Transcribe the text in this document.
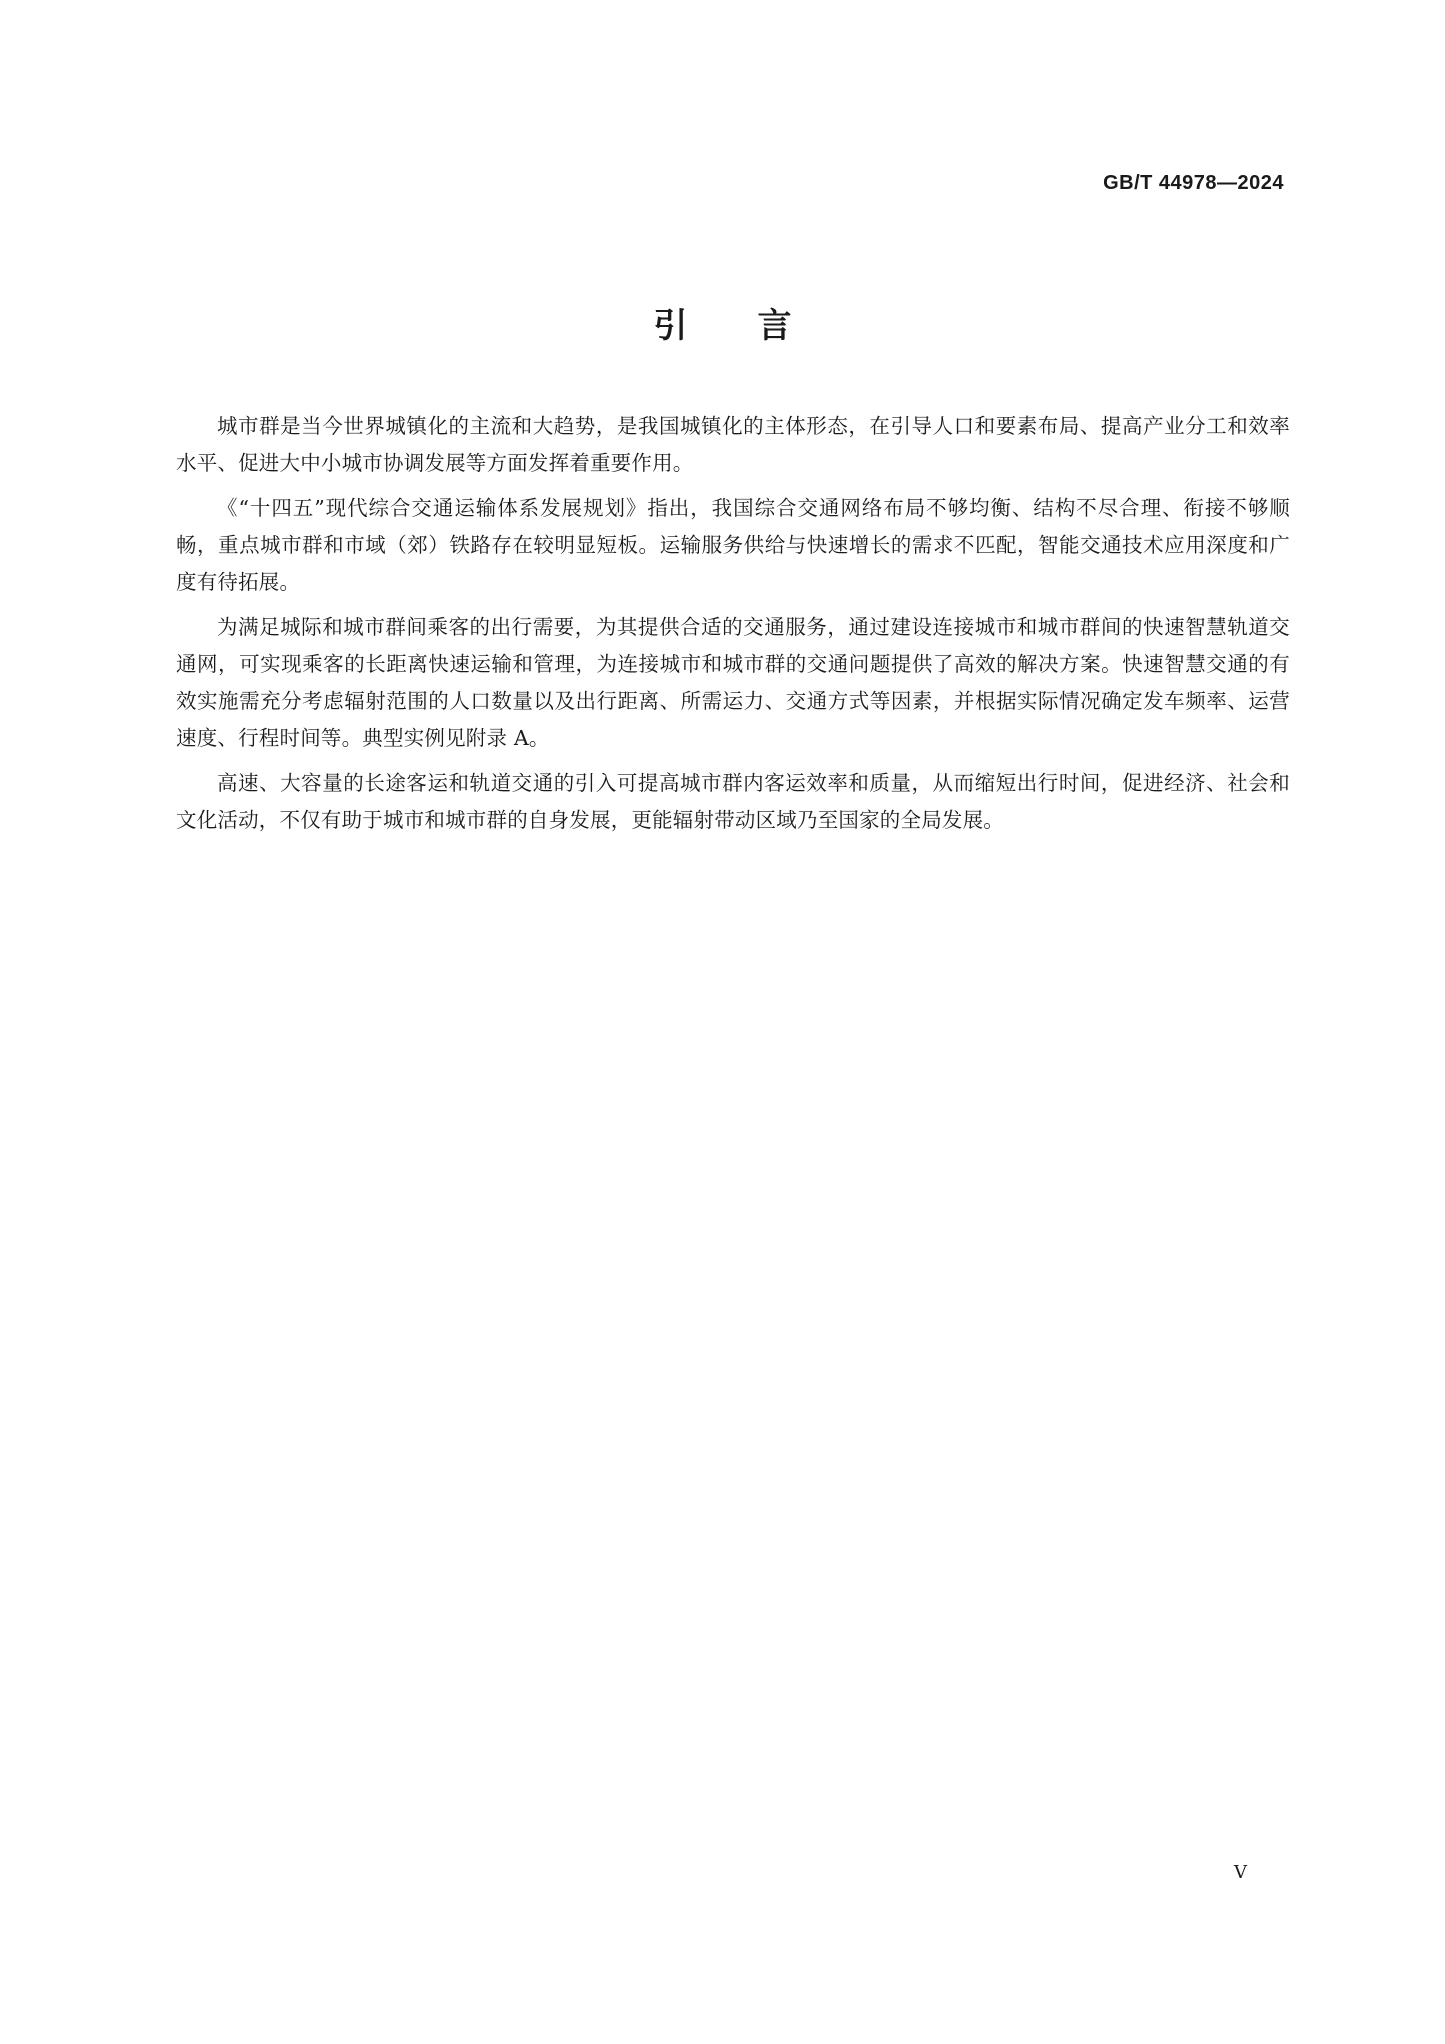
GB/T 44978—2024
引言

城市群是当今世界城镇化的主流和大趋势，是我国城镇化的主体形态，在引导人口和要素布局、提高产业分工和效率水平、促进大中小城市协调发展等方面发挥着重要作用。

《“十四五”现代综合交通运输体系发展规划》指出，我国综合交通网络布局不够均衡、结构不尽合理、衔接不够顺畅，重点城市群和市域（郊）铁路存在较明显短板。运输服务供给与快速增长的需求不匹配，智能交通技术应用深度和广度有待拓展。

为满足城际和城市群间乘客的出行需要，为其提供合适的交通服务，通过建设连接城市和城市群间的快速智慧轨道交通网，可实现乘客的长距离快速运输和管理，为连接城市和城市群的交通问题提供了高效的解决方案。快速智慧交通的有效实施需充分考虑辐射范围的人口数量以及出行距离、所需运力、交通方式等因素，并根据实际情况确定发车频率、运营速度、行程时间等。典型实例见附录 A。

高速、大容量的长途客运和轨道交通的引入可提高城市群内客运效率和质量，从而缩短出行时间，促进经济、社会和文化活动，不仅有助于城市和城市群的自身发展，更能辐射带动区域乃至国家的全局发展。

V
